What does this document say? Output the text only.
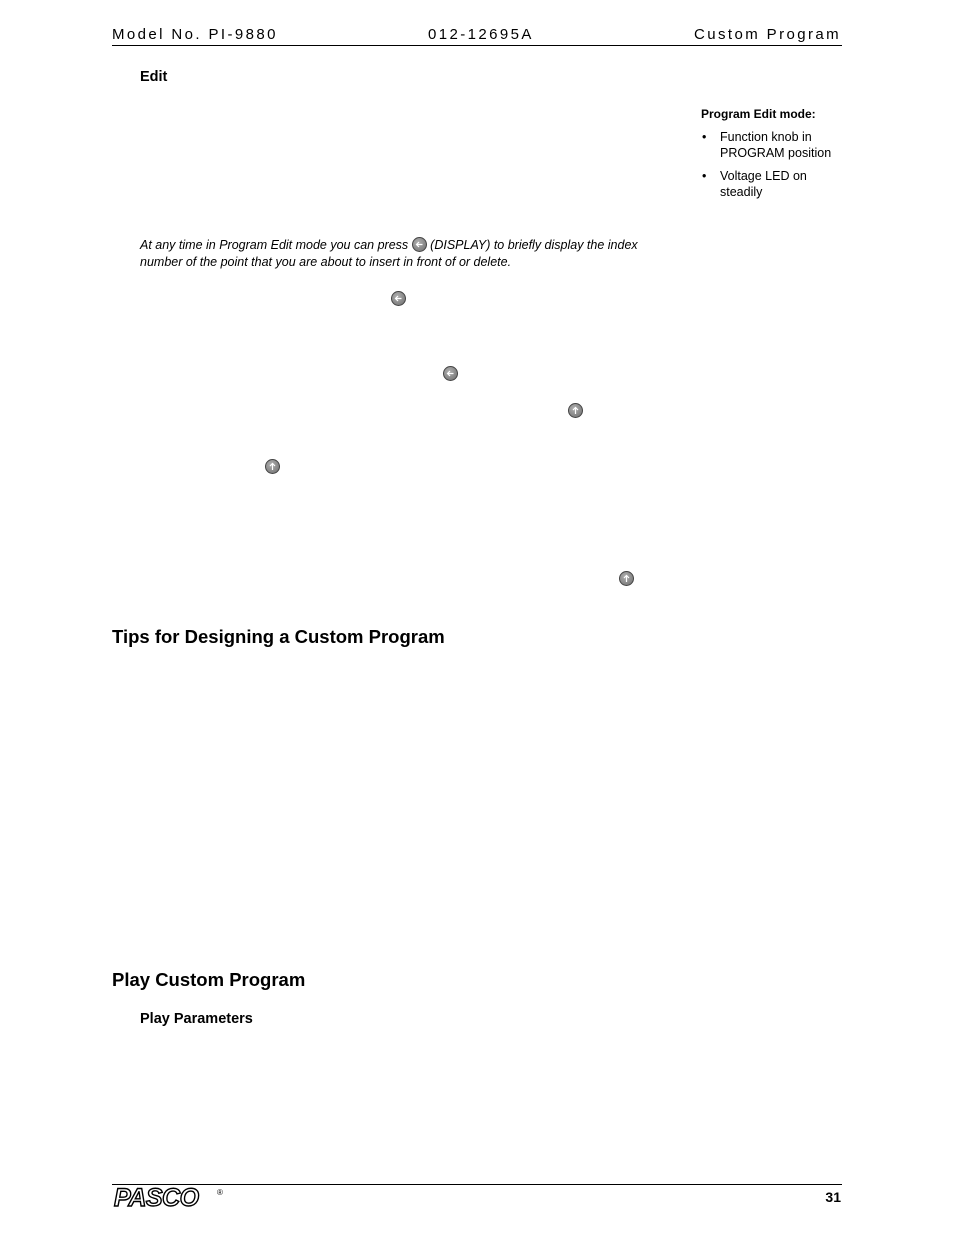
Model No. PI-9880	012-12695A	Custom Program
Edit
Program Edit mode:
• Function knob in PROGRAM position
• Voltage LED on steadily
At any time in Program Edit mode you can press (DISPLAY) to briefly display the index number of the point that you are about to insert in front of or delete.

Tips for Designing a Custom Program
Play Custom Program
Play Parameters
PASCO ®	31
